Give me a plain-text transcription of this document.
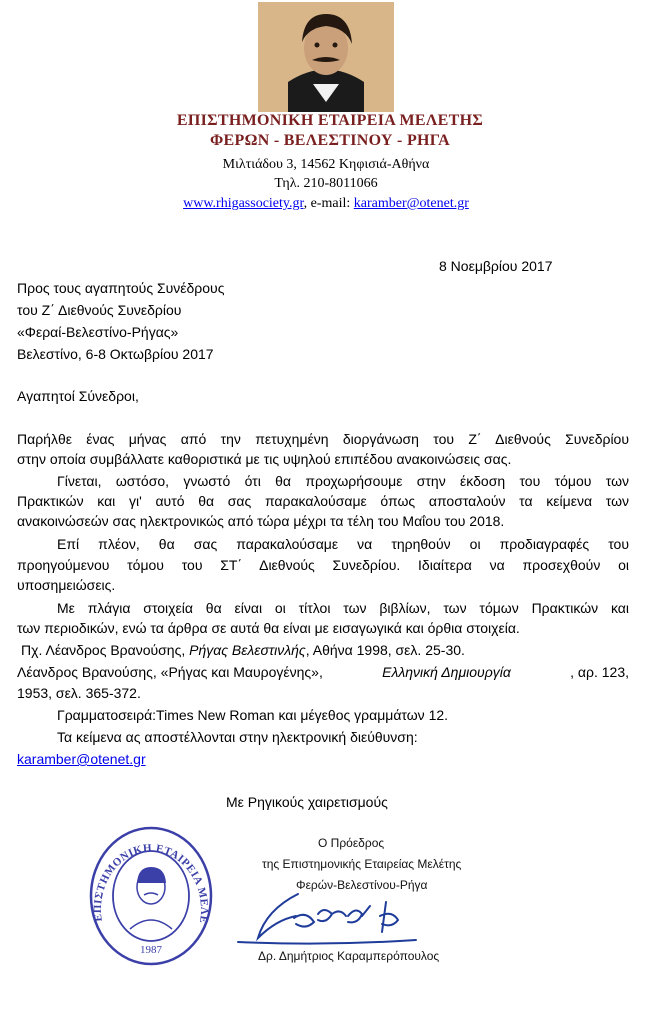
ΕΠΙΣΤΗΜΟΝΙΚΗ ΕΤΑΙΡΕΙΑ ΜΕΛΕΤΗΣ
ΦΕΡΩΝ - ΒΕΛΕΣΤΙΝΟΥ - ΡΗΓΑ
Μιλτιάδου 3, 14562 Κηφισιά-Αθήνα
Τηλ. 210-8011066
www.rhigassociety.gr, e-mail: karamber@otenet.gr
8 Νοεμβρίου 2017
Προς τους αγαπητούς Συνέδρους
του Ζ΄ Διεθνούς Συνεδρίου
«Φεραί-Βελεστίνο-Ρήγας»
Βελεστίνο, 6-8 Οκτωβρίου 2017
Αγαπητοί Σύνεδροι,
Παρήλθε ένας μήνας από την πετυχημένη διοργάνωση του Ζ΄ Διεθνούς Συνεδρίου
στην οποία συμβάλλατε καθοριστικά με τις υψηλού επιπέδου ανακοινώσεις σας.
Γίνεται, ωστόσο, γνωστό ότι θα προχωρήσουμε στην έκδοση του τόμου των
Πρακτικών και γι' αυτό θα σας παρακαλούσαμε όπως αποσταλούν τα κείμενα των
ανακοινώσεών σας ηλεκτρονικώς από τώρα μέχρι τα τέλη του Μαΐου του 2018.
Επί πλέον, θα σας παρακαλούσαμε να τηρηθούν οι προδιαγραφές του
προηγούμενου τόμου του ΣΤ΄ Διεθνούς Συνεδρίου. Ιδιαίτερα να προσεχθούν οι
υποσημειώσεις.
Με πλάγια στοιχεία θα είναι οι τίτλοι των βιβλίων, των τόμων Πρακτικών και
των περιοδικών, ενώ τα άρθρα σε αυτά θα είναι με εισαγωγικά και όρθια στοιχεία.
Πχ. Λέανδρος Βρανούσης, Ρήγας Βελεστινλής, Αθήνα 1998, σελ. 25-30.
Λέανδρος Βρανούσης, «Ρήγας και Μαυρογένης»,	Ελληνική Δημιουργία	, αρ. 123,
1953, σελ. 365-372.
Γραμματοσειρά:Times New Roman και μέγεθος γραμμάτων 12.
Τα κείμενα ας αποστέλλονται στην ηλεκτρονική διεύθυνση:
karamber@otenet.gr
Με Ρηγικούς χαιρετισμούς
Ο Πρόεδρος
της Επιστημονικής Εταιρείας Μελέτης
Φερών-Βελεστίνου-Ρήγα
Δρ. Δημήτριος Καραμπερόπουλος
ΕΠΙΣΤΗΜΟΝΙΚΗ ΕΤΑΙΡΕΙΑ ΜΕΛΕ
1987
